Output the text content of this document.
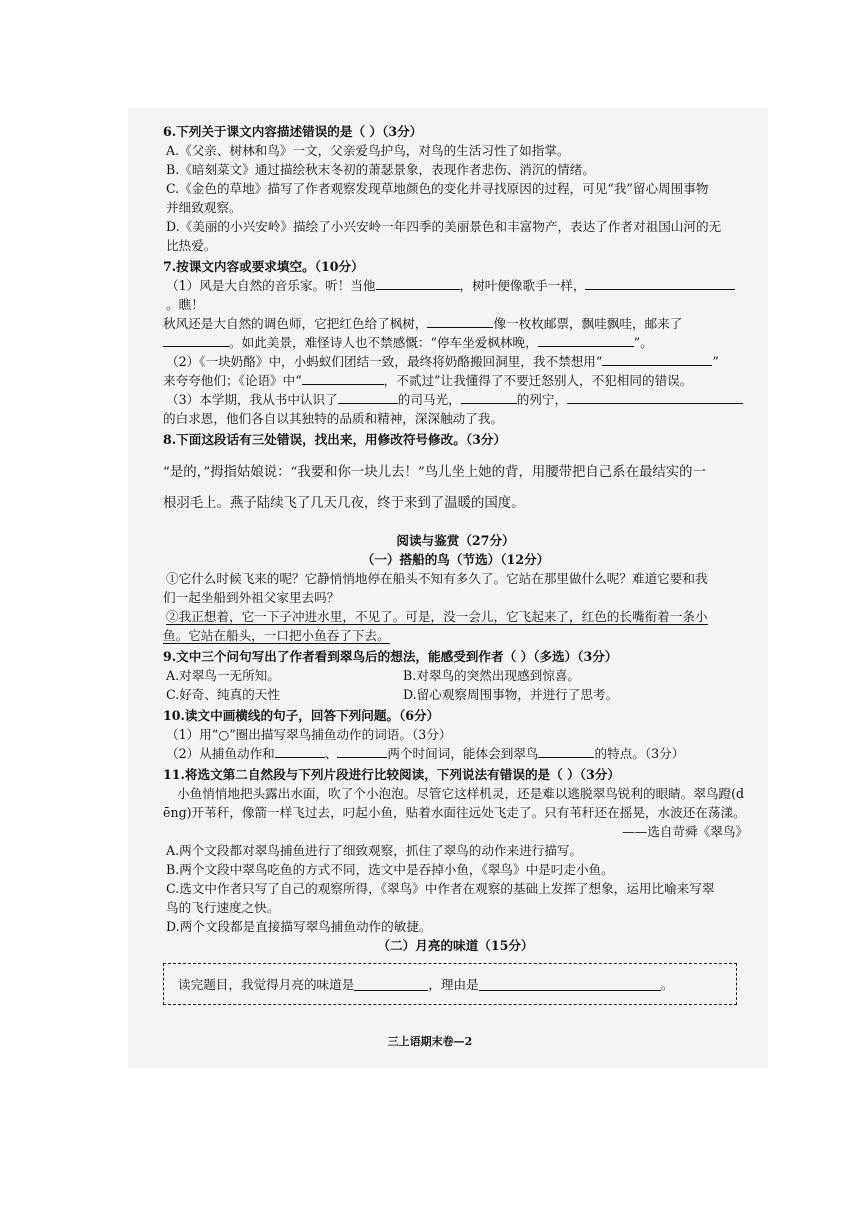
6.下列关于课文内容描述错误的是（ ）（3分）
A.《父亲、树林和鸟》一文，父亲爱鸟护鸟，对鸟的生活习性了如指掌。
B.《暗刻菜文》通过描绘秋末冬初的萧瑟景象，表现作者悲伤、消沉的情绪。
C.《金色的草地》描写了作者观察发现草地颜色的变化并寻找原因的过程，可见“我”留心周围事物
并细致观察。
D.《美丽的小兴安岭》描绘了小兴安岭一年四季的美丽景色和丰富物产，表达了作者对祖国山河的无
比热爱。
7.按课文内容或要求填空。（10分）
（1）风是大自然的音乐家。听！当他	，树叶便像歌手一样，。瞧！
秋风还是大自然的调色师，它把红色给了枫树，	像一枚枚邮票，飘哇飘哇，邮来了
。如此美景，难怪诗人也不禁感慨：“停车坐爱枫林晚，	”。
（2）《一块奶酪》中，小蚂蚁们团结一致，最终将奶酪搬回洞里，我不禁想用“	”
来夸夸他们；《论语》中“	，不贰过”让我懂得了不要迁怒别人，不犯相同的错误。
（3）本学期，我从书中认识了	的司马光，	的列宁，
的白求恩，他们各自以其独特的品质和精神，深深触动了我。
8.下面这段话有三处错误，找出来，用修改符号修改。（3分）
“是的，”拇指姑娘说：“我要和你一块儿去！”鸟儿坐上她的背，用腰带把自己系在最结实的一
根羽毛上。燕子陆续飞了几天几夜，终于来到了温暖的国度。
阅读与鉴赏（27分）
（一）搭船的鸟（节选）（12分）
①它什么时候飞来的呢？它静悄悄地停在船头不知有多久了。它站在那里做什么呢？难道它要和我
们一起坐船到外祖父家里去吗？
②我正想着，它一下子冲进水里，不见了。可是，没一会儿，它飞起来了，红色的长嘴衔着一条小
鱼。它站在船头，一口把小鱼吞了下去。
9.文中三个问句写出了作者看到翠鸟后的想法，能感受到作者（ ）（多选）（3分）
A.对翠鸟一无所知。	B.对翠鸟的突然出现感到惊喜。
C.好奇、纯真的天性	D.留心观察周围事物，并进行了思考。
10.读文中画横线的句子，回答下列问题。（6分）
（1）用“○”圈出描写翠鸟捕鱼动作的词语。（3分）
（2）从捕鱼动作和	、	两个时间词，能体会到翠鸟	的特点。（3分）
11.将选文第二自然段与下列片段进行比较阅读，下列说法有错误的是（ ）（3分）
小鱼悄悄地把头露出水面，吹了个小泡泡。尽管它这样机灵，还是难以逃脱翠鸟锐利的眼睛。翠鸟蹬(d
ēng)开苇秆，像箭一样飞过去，叼起小鱼，贴着水面往远处飞走了。只有苇秆还在摇晃，水波还在荡漾。
——选自苛舜《翠鸟》
A.两个文段都对翠鸟捕鱼进行了细致观察，抓住了翠鸟的动作来进行描写。
B.两个文段中翠鸟吃鱼的方式不同，选文中是吞掉小鱼，《翠鸟》中是叼走小鱼。
C.选文中作者只写了自己的观察所得，《翠鸟》中作者在观察的基础上发挥了想象，运用比喻来写翠
鸟的飞行速度之快。
D.两个文段都是直接描写翠鸟捕鱼动作的敏捷。
（二）月亮的味道（15分）
读完题目，我觉得月亮的味道是	，理由是	。
三上语期末卷—2
